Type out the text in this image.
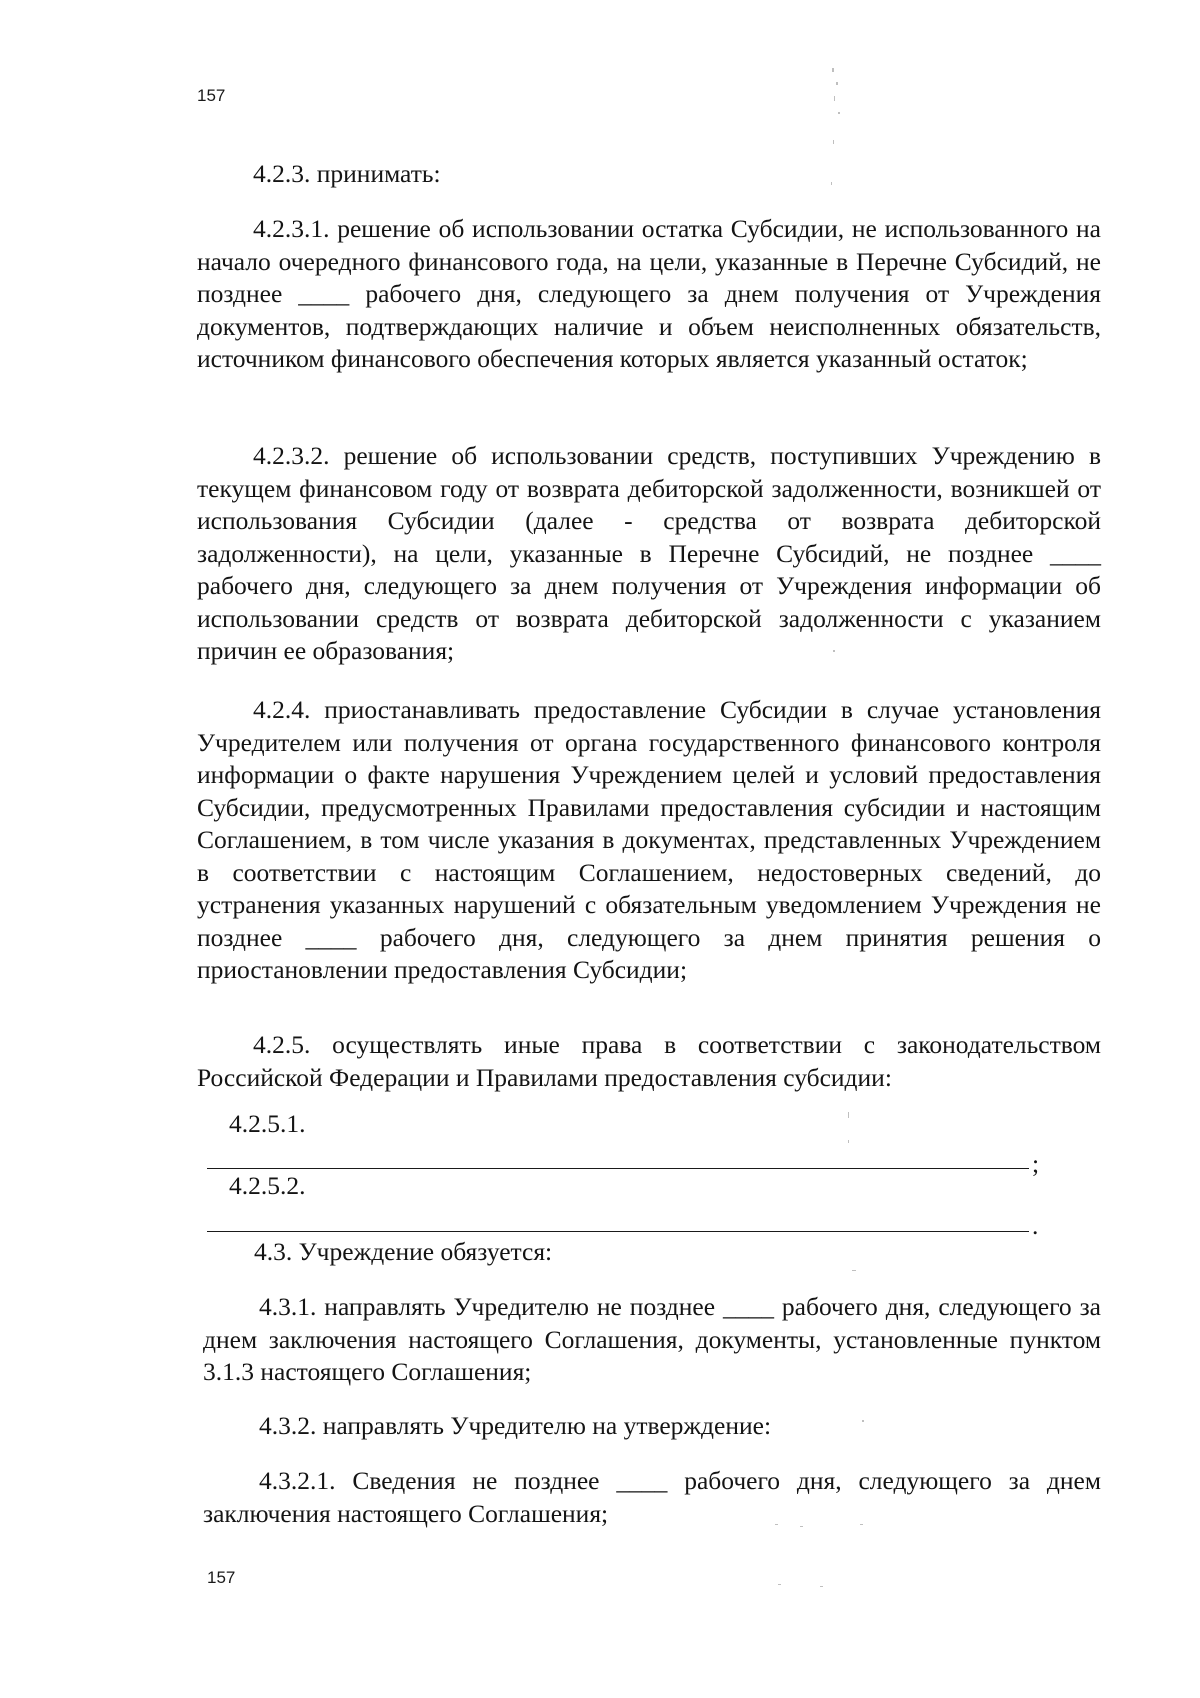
157

4.2.3. принимать:

4.2.3.1. решение об использовании остатка Субсидии, не использованного на начало очередного финансового года, на цели, указанные в Перечне Субсидий, не позднее ____ рабочего дня, следующего за днем получения от Учреждения документов, подтверждающих наличие и объем неисполненных обязательств, источником финансового обеспечения которых является указанный остаток;

4.2.3.2. решение об использовании средств, поступивших Учреждению в текущем финансовом году от возврата дебиторской задолженности, возникшей от использования Субсидии (далее - средства от возврата дебиторской задолженности), на цели, указанные в Перечне Субсидий, не позднее ____ рабочего дня, следующего за днем получения от Учреждения информации об использовании средств от возврата дебиторской задолженности с указанием причин ее образования;

4.2.4. приостанавливать предоставление Субсидии в случае установления Учредителем или получения от органа государственного финансового контроля информации о факте нарушения Учреждением целей и условий предоставления Субсидии, предусмотренных Правилами предоставления субсидии и настоящим Соглашением, в том числе указания в документах, представленных Учреждением в соответствии с настоящим Соглашением, недостоверных сведений, до устранения указанных нарушений с обязательным уведомлением Учреждения не позднее ____ рабочего дня, следующего за днем принятия решения о приостановлении предоставления Субсидии;

4.2.5. осуществлять иные права в соответствии с законодательством Российской Федерации и Правилами предоставления субсидии:

4.2.5.1.
;
4.2.5.2.
.

4.3. Учреждение обязуется:

4.3.1. направлять Учредителю не позднее ____ рабочего дня, следующего за днем заключения настоящего Соглашения, документы, установленные пунктом 3.1.3 настоящего Соглашения;

4.3.2. направлять Учредителю на утверждение:

4.3.2.1. Сведения не позднее ____ рабочего дня, следующего за днем заключения настоящего Соглашения;

157
